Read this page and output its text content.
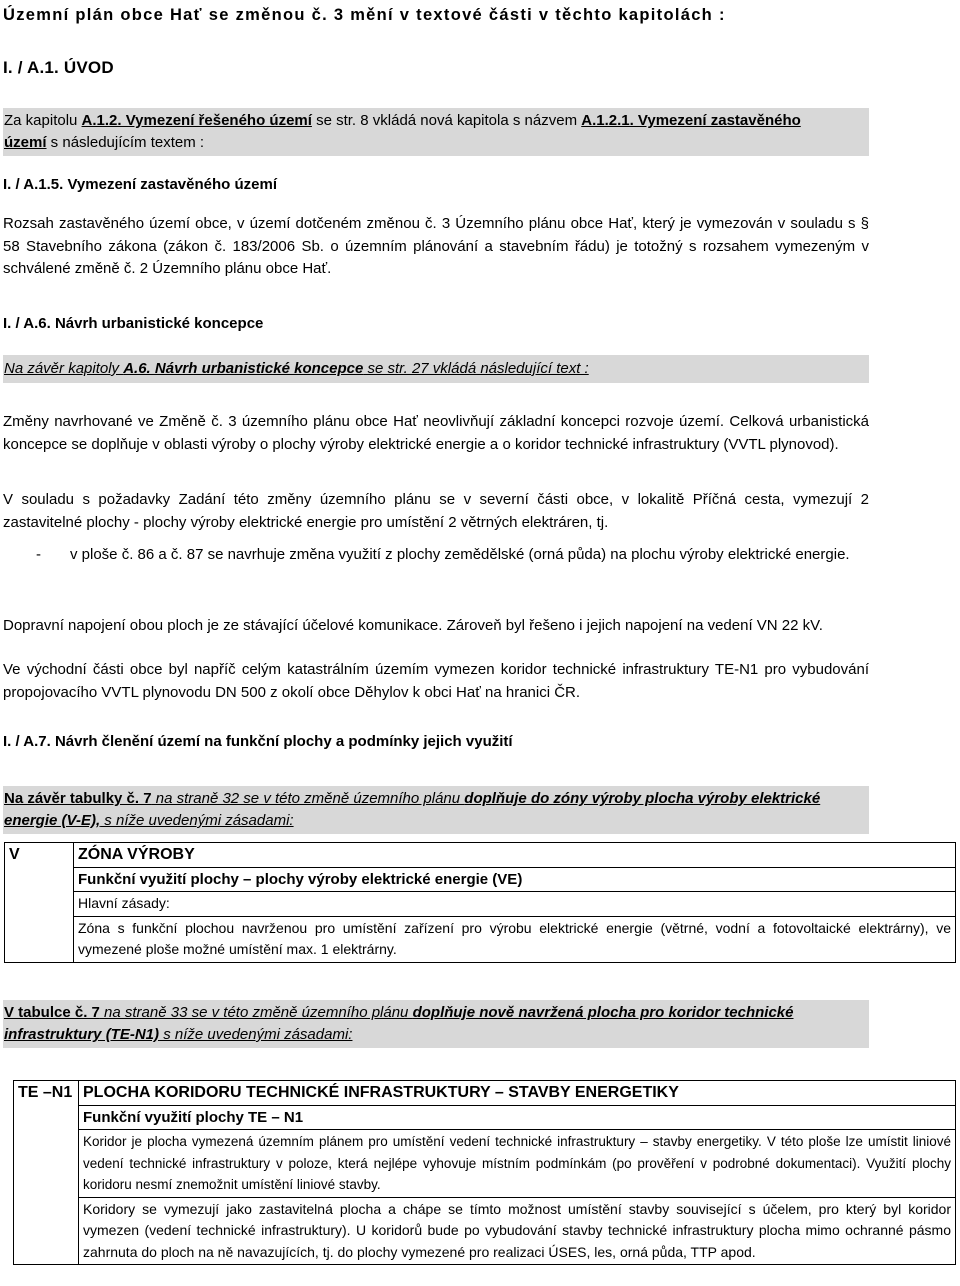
Územní plán obce Hať se změnou č. 3 mění v textové části v těchto kapitolách :
I. / A.1. ÚVOD
Za kapitolu A.1.2. Vymezení řešeného území se str. 8 vkládá nová kapitola s názvem A.1.2.1. Vymezení zastavěného
území s následujícím textem :
I. / A.1.5. Vymezení zastavěného území
Rozsah zastavěného území obce, v území dotčeném změnou č. 3 Územního plánu obce Hať, který je vymezován v souladu s § 58 Stavebního zákona (zákon č. 183/2006 Sb. o územním plánování a stavebním řádu) je totožný s rozsahem vymezeným v schválené změně č. 2 Územního plánu obce Hať.
I. / A.6. Návrh urbanistické koncepce
Na závěr kapitoly A.6. Návrh urbanistické koncepce se str. 27 vkládá následující text :
Změny navrhované ve Změně č. 3 územního plánu obce Hať neovlivňují základní koncepci rozvoje území. Celková urbanistická koncepce se doplňuje v oblasti výroby o plochy výroby elektrické energie a o koridor technické infrastruktury (VVTL plynovod).
V souladu s požadavky Zadání této změny územního plánu se v severní části obce, v lokalitě Příčná cesta, vymezují 2 zastavitelné plochy - plochy výroby elektrické energie pro umístění 2 větrných elektráren, tj.
- v ploše č. 86 a č. 87 se navrhuje změna využití z plochy zemědělské (orná půda) na plochu výroby elektrické energie.
Dopravní napojení obou ploch je ze stávající účelové komunikace. Zároveň byl řešeno i jejich napojení na vedení VN 22 kV.
Ve východní části obce byl napříč celým katastrálním územím vymezen koridor technické infrastruktury TE-N1 pro vybudování propojovacího VVTL plynovodu DN 500 z okolí obce Děhylov k obci Hať na hranici ČR.
I. / A.7. Návrh členění území na funkční plochy a podmínky jejich využití
Na závěr tabulky č. 7 na straně 32 se v této změně územního plánu doplňuje do zóny výroby plocha výroby elektrické energie (V-E), s níže uvedenými zásadami:
V	ZÓNA VÝROBY
Funkční využití plochy – plochy výroby elektrické energie (VE)
Hlavní zásady:
Zóna s funkční plochou navrženou pro umístění zařízení pro výrobu elektrické energie (větrné, vodní a fotovoltaické elektrárny), ve vymezené ploše možné umístění max. 1 elektrárny.
V tabulce č. 7 na straně 33 se v této změně územního plánu doplňuje nově navržená plocha pro koridor technické infrastruktury (TE-N1) s níže uvedenými zásadami:
TE –N1	PLOCHA KORIDORU TECHNICKÉ INFRASTRUKTURY – STAVBY ENERGETIKY
Funkční využití plochy TE – N1
Koridor je plocha vymezená územním plánem pro umístění vedení technické infrastruktury – stavby energetiky. V této ploše lze umístit liniové vedení technické infrastruktury v poloze, která nejlépe vyhovuje místním podmínkám (po prověření v podrobné dokumentaci). Využití plochy koridoru nesmí znemožnit umístění liniové stavby.
Koridory se vymezují jako zastavitelná plocha a chápe se tímto možnost umístění stavby související s účelem, pro který byl koridor vymezen (vedení technické infrastruktury). U koridorů bude po vybudování stavby technické infrastruktury plocha mimo ochranné pásmo zahrnuta do ploch na ně navazujících, tj. do plochy vymezené pro realizaci ÚSES, les, orná půda, TTP apod.
